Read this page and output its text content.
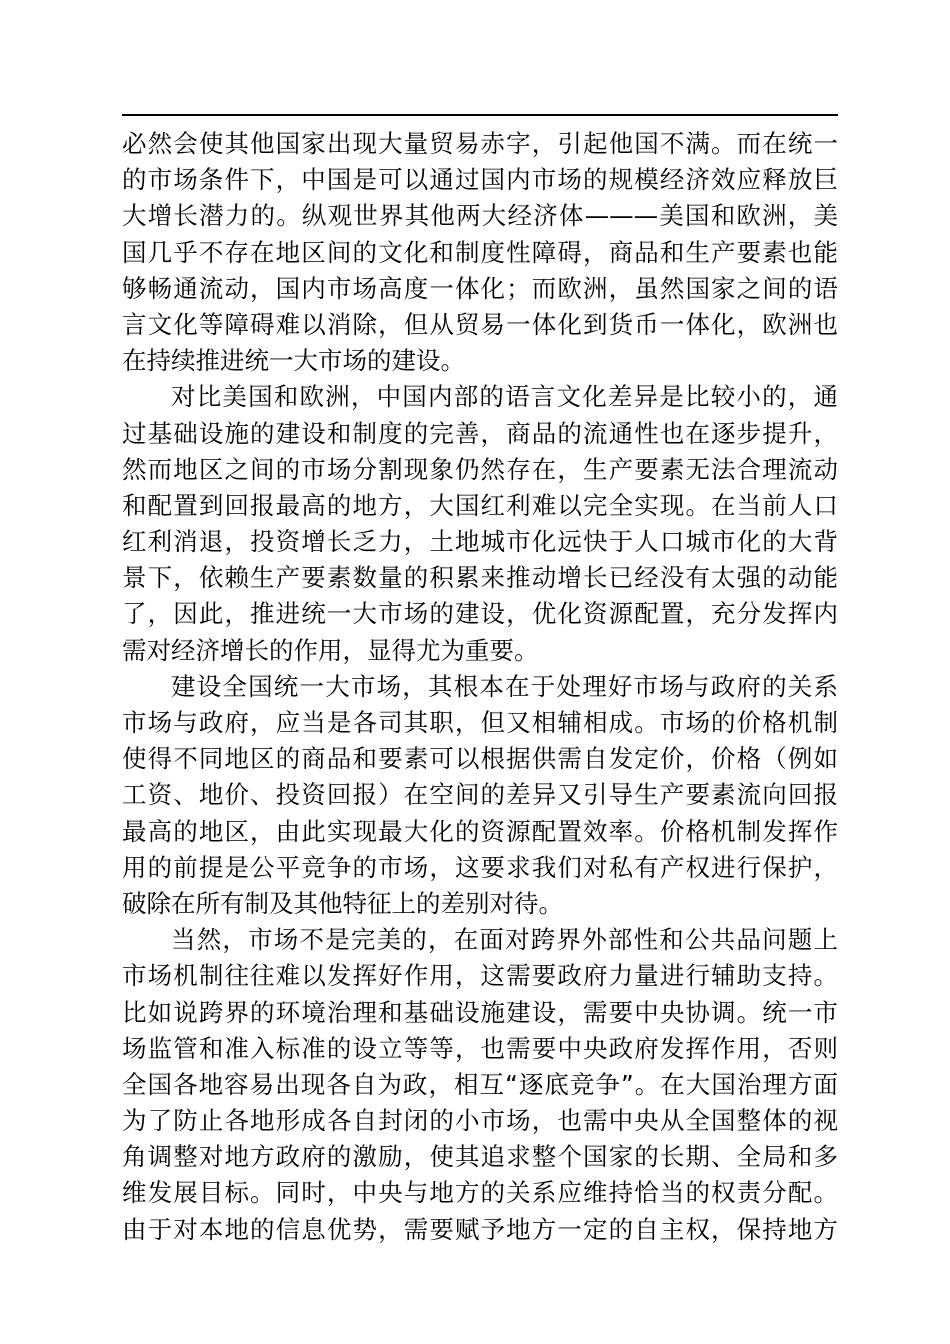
必然会使其他国家出现大量贸易赤字，引起他国不满。而在统一
的市场条件下，中国是可以通过国内市场的规模经济效应释放巨
大增长潜力的。纵观世界其他两大经济体———美国和欧洲，美
国几乎不存在地区间的文化和制度性障碍，商品和生产要素也能
够畅通流动，国内市场高度一体化；而欧洲，虽然国家之间的语
言文化等障碍难以消除，但从贸易一体化到货币一体化，欧洲也
在持续推进统一大市场的建设。
对比美国和欧洲，中国内部的语言文化差异是比较小的，通
过基础设施的建设和制度的完善，商品的流通性也在逐步提升，
然而地区之间的市场分割现象仍然存在，生产要素无法合理流动
和配置到回报最高的地方，大国红利难以完全实现。在当前人口
红利消退，投资增长乏力，土地城市化远快于人口城市化的大背
景下，依赖生产要素数量的积累来推动增长已经没有太强的动能
了，因此，推进统一大市场的建设，优化资源配置，充分发挥内
需对经济增长的作用，显得尤为重要。
建设全国统一大市场，其根本在于处理好市场与政府的关系
市场与政府，应当是各司其职，但又相辅相成。市场的价格机制
使得不同地区的商品和要素可以根据供需自发定价，价格（例如
工资、地价、投资回报）在空间的差异又引导生产要素流向回报
最高的地区，由此实现最大化的资源配置效率。价格机制发挥作
用的前提是公平竞争的市场，这要求我们对私有产权进行保护，
破除在所有制及其他特征上的差别对待。
当然，市场不是完美的，在面对跨界外部性和公共品问题上
市场机制往往难以发挥好作用，这需要政府力量进行辅助支持。
比如说跨界的环境治理和基础设施建设，需要中央协调。统一市
场监管和准入标准的设立等等，也需要中央政府发挥作用，否则
全国各地容易出现各自为政，相互“逐底竞争”。在大国治理方面
为了防止各地形成各自封闭的小市场，也需中央从全国整体的视
角调整对地方政府的激励，使其追求整个国家的长期、全局和多
维发展目标。同时，中央与地方的关系应维持恰当的权责分配。
由于对本地的信息优势，需要赋予地方一定的自主权，保持地方
